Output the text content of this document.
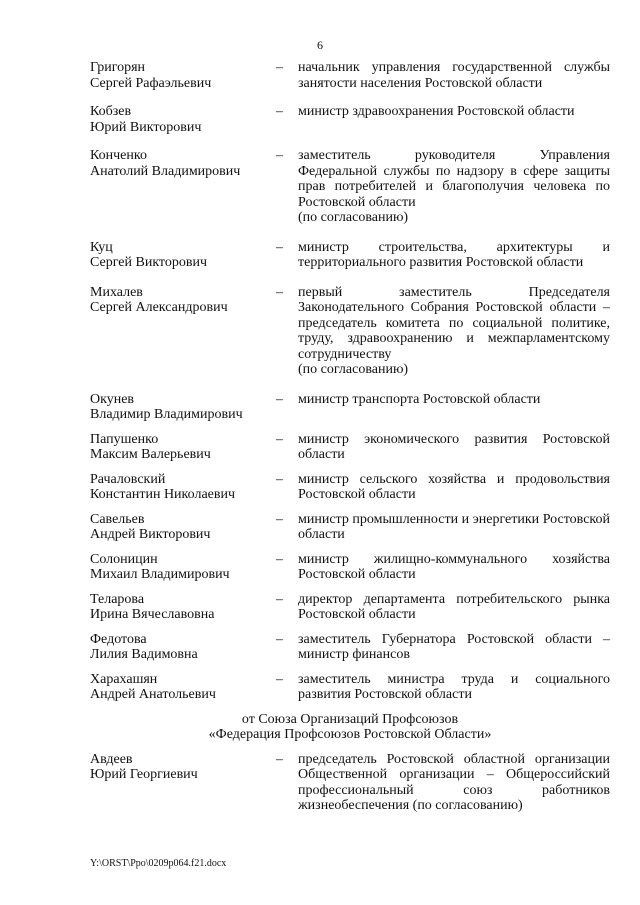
6
Григорян
Сергей Рафаэльевич
–	начальник управления государственной службы занятости населения Ростовской области
Кобзев
Юрий Викторович
–	министр здравоохранения Ростовской области
Конченко
Анатолий Владимирович
–	заместитель руководителя Управления Федеральной службы по надзору в сфере защиты прав потребителей и благополучия человека по Ростовской области
(по согласованию)
Куц
Сергей Викторович
–	министр строительства, архитектуры и территориального развития Ростовской области
Михалев
Сергей Александрович
–	первый заместитель Председателя Законодательного Собрания Ростовской области – председатель комитета по социальной политике, труду, здравоохранению и межпарламентскому сотрудничеству
(по согласованию)
Окунев
Владимир Владимирович
–	министр транспорта Ростовской области
Папушенко
Максим Валерьевич
–	министр экономического развития Ростовской области
Рачаловский
Константин Николаевич
–	министр сельского хозяйства и продовольствия Ростовской области
Савельев
Андрей Викторович
–	министр промышленности и энергетики Ростовской области
Солоницин
Михаил Владимирович
–	министр жилищно-коммунального хозяйства Ростовской области
Теларова
Ирина Вячеславовна
–	директор департамента потребительского рынка Ростовской области
Федотова
Лилия Вадимовна
–	заместитель Губернатора Ростовской области – министр финансов
Харахашян
Андрей Анатольевич
–	заместитель министра труда и социального развития Ростовской области
от Союза Организаций Профсоюзов
«Федерация Профсоюзов Ростовской Области»
Авдеев
Юрий Георгиевич
–	председатель Ростовской областной организации Общественной организации – Общероссийский профессиональный союз работников жизнеобеспечения (по согласованию)
Y:\ORST\Ppo\0209p064.f21.docx
